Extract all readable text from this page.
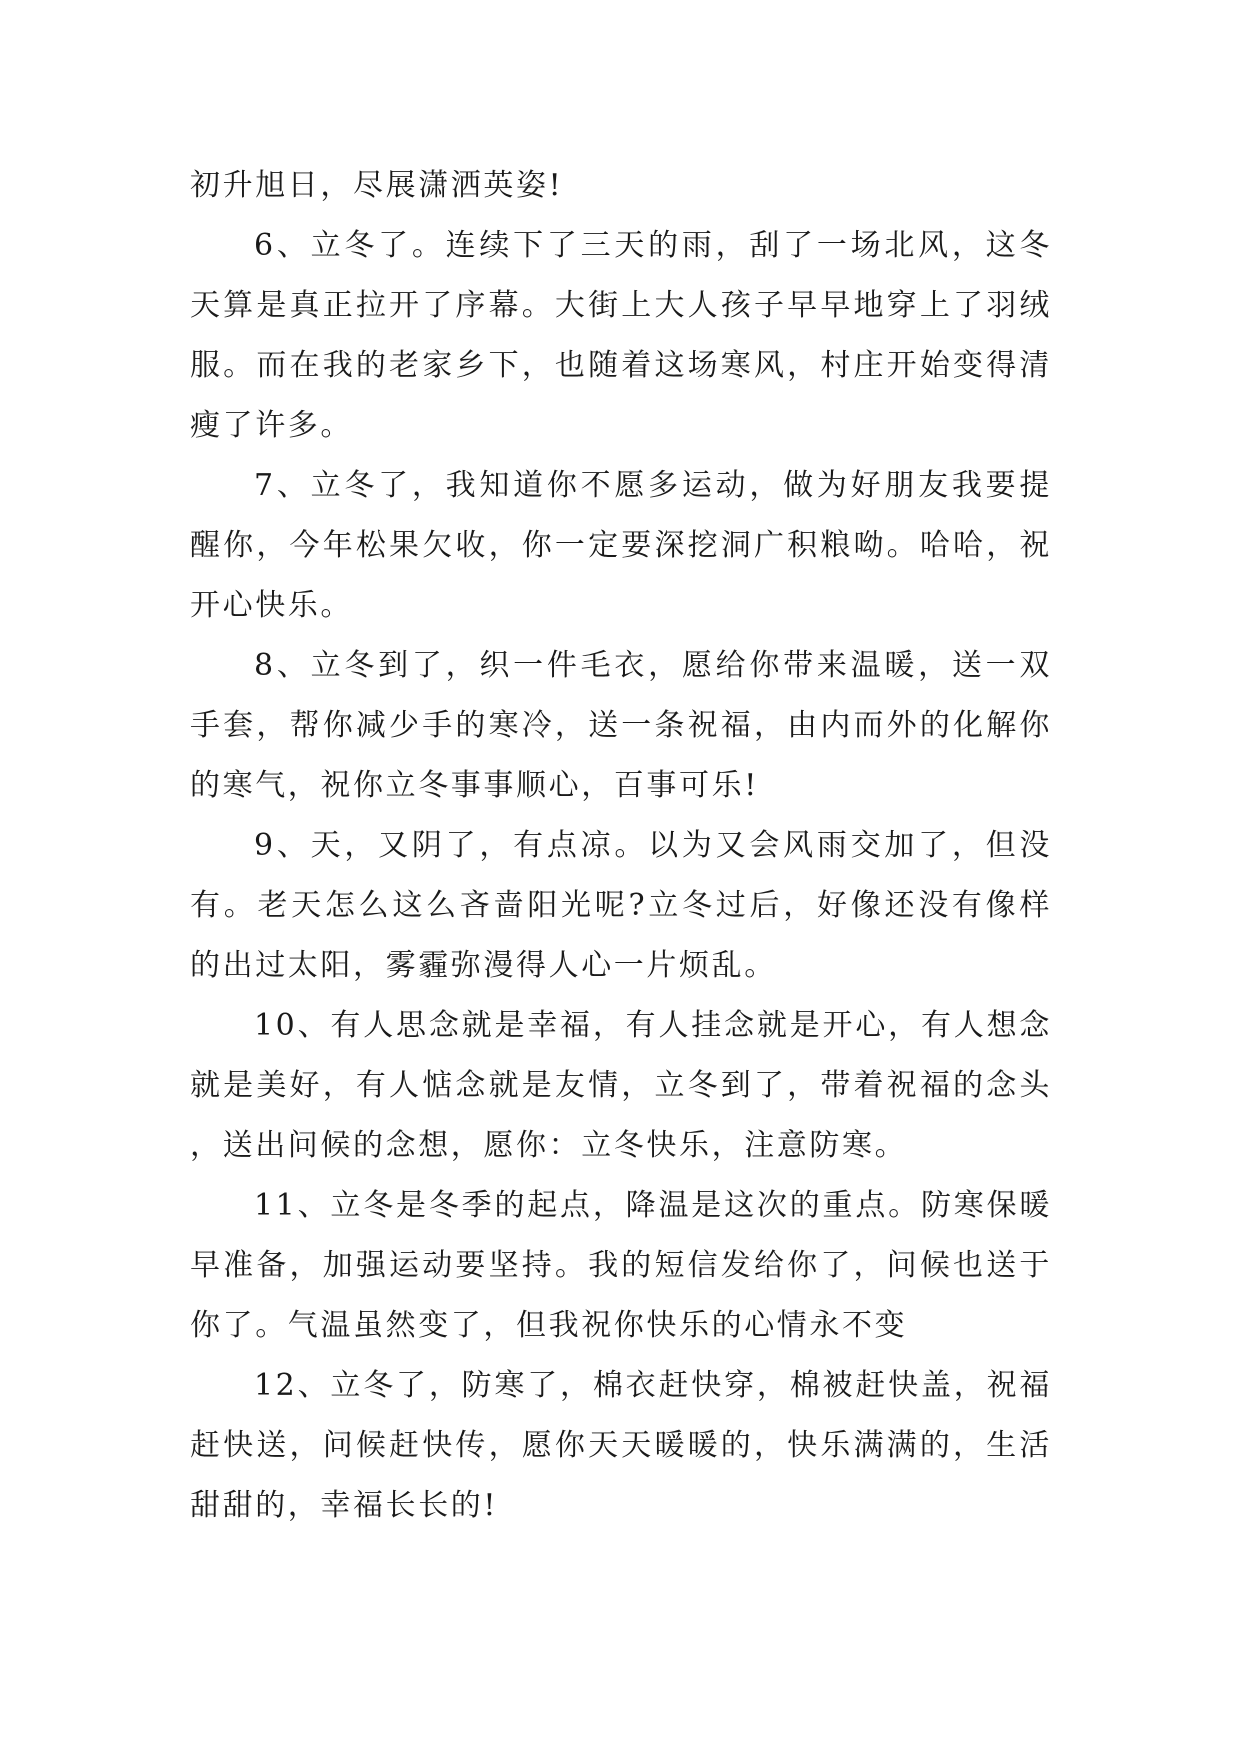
初升旭日，尽展潇洒英姿!

6、立冬了。连续下了三天的雨，刮了一场北风，这冬天算是真正拉开了序幕。大街上大人孩子早早地穿上了羽绒服。而在我的老家乡下，也随着这场寒风，村庄开始变得清瘦了许多。

7、立冬了，我知道你不愿多运动，做为好朋友我要提醒你，今年松果欠收，你一定要深挖洞广积粮呦。哈哈，祝开心快乐。

8、立冬到了，织一件毛衣，愿给你带来温暖，送一双手套，帮你减少手的寒冷，送一条祝福，由内而外的化解你的寒气，祝你立冬事事顺心，百事可乐!

9、天，又阴了，有点凉。以为又会风雨交加了，但没有。老天怎么这么吝啬阳光呢?立冬过后，好像还没有像样的出过太阳，雾霾弥漫得人心一片烦乱。

10、有人思念就是幸福，有人挂念就是开心，有人想念就是美好，有人惦念就是友情，立冬到了，带着祝福的念头，送出问候的念想，愿你：立冬快乐，注意防寒。

11、立冬是冬季的起点，降温是这次的重点。防寒保暖早准备，加强运动要坚持。我的短信发给你了，问候也送于你了。气温虽然变了，但我祝你快乐的心情永不变

12、立冬了，防寒了，棉衣赶快穿，棉被赶快盖，祝福赶快送，问候赶快传，愿你天天暖暖的，快乐满满的，生活甜甜的，幸福长长的!
